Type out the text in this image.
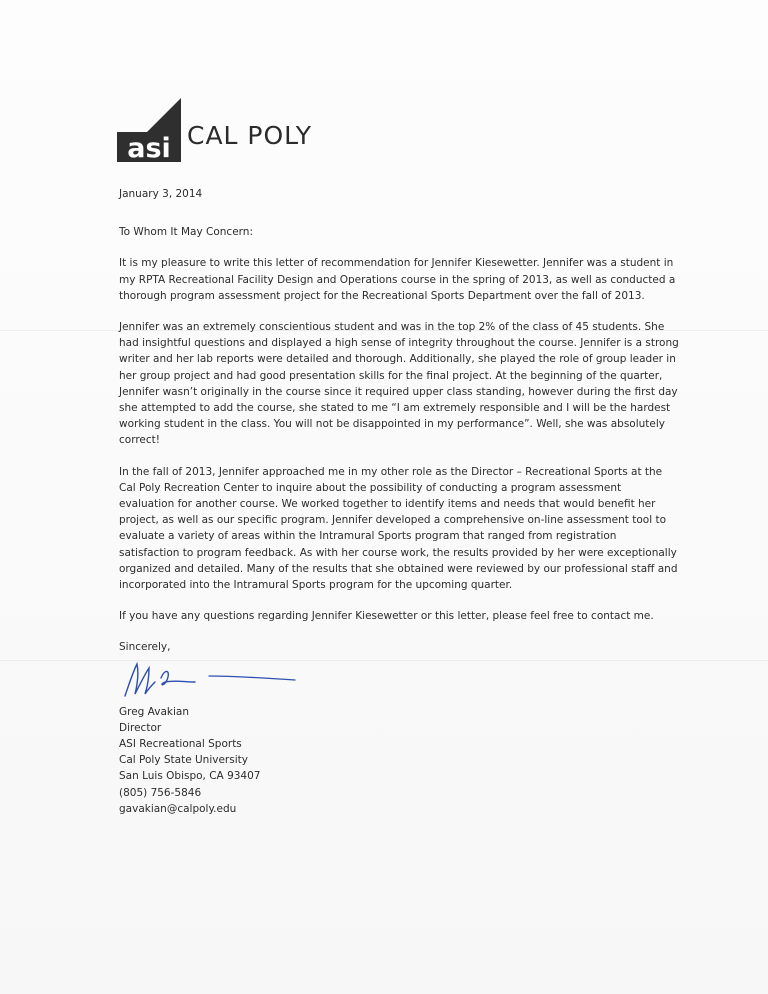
asi CAL POLY

January 3, 2014

To Whom It May Concern:

It is my pleasure to write this letter of recommendation for Jennifer Kiesewetter. Jennifer was a student in my RPTA Recreational Facility Design and Operations course in the spring of 2013, as well as conducted a thorough program assessment project for the Recreational Sports Department over the fall of 2013.

Jennifer was an extremely conscientious student and was in the top 2% of the class of 45 students. She had insightful questions and displayed a high sense of integrity throughout the course. Jennifer is a strong writer and her lab reports were detailed and thorough. Additionally, she played the role of group leader in her group project and had good presentation skills for the final project. At the beginning of the quarter, Jennifer wasn’t originally in the course since it required upper class standing, however during the first day she attempted to add the course, she stated to me “I am extremely responsible and I will be the hardest working student in the class. You will not be disappointed in my performance”. Well, she was absolutely correct!

In the fall of 2013, Jennifer approached me in my other role as the Director – Recreational Sports at the Cal Poly Recreation Center to inquire about the possibility of conducting a program assessment evaluation for another course. We worked together to identify items and needs that would benefit her project, as well as our specific program. Jennifer developed a comprehensive on-line assessment tool to evaluate a variety of areas within the Intramural Sports program that ranged from registration satisfaction to program feedback. As with her course work, the results provided by her were exceptionally organized and detailed. Many of the results that she obtained were reviewed by our professional staff and incorporated into the Intramural Sports program for the upcoming quarter.

If you have any questions regarding Jennifer Kiesewetter or this letter, please feel free to contact me.

Sincerely,

Greg Avakian
Director
ASI Recreational Sports
Cal Poly State University
San Luis Obispo, CA 93407
(805) 756-5846
gavakian@calpoly.edu
